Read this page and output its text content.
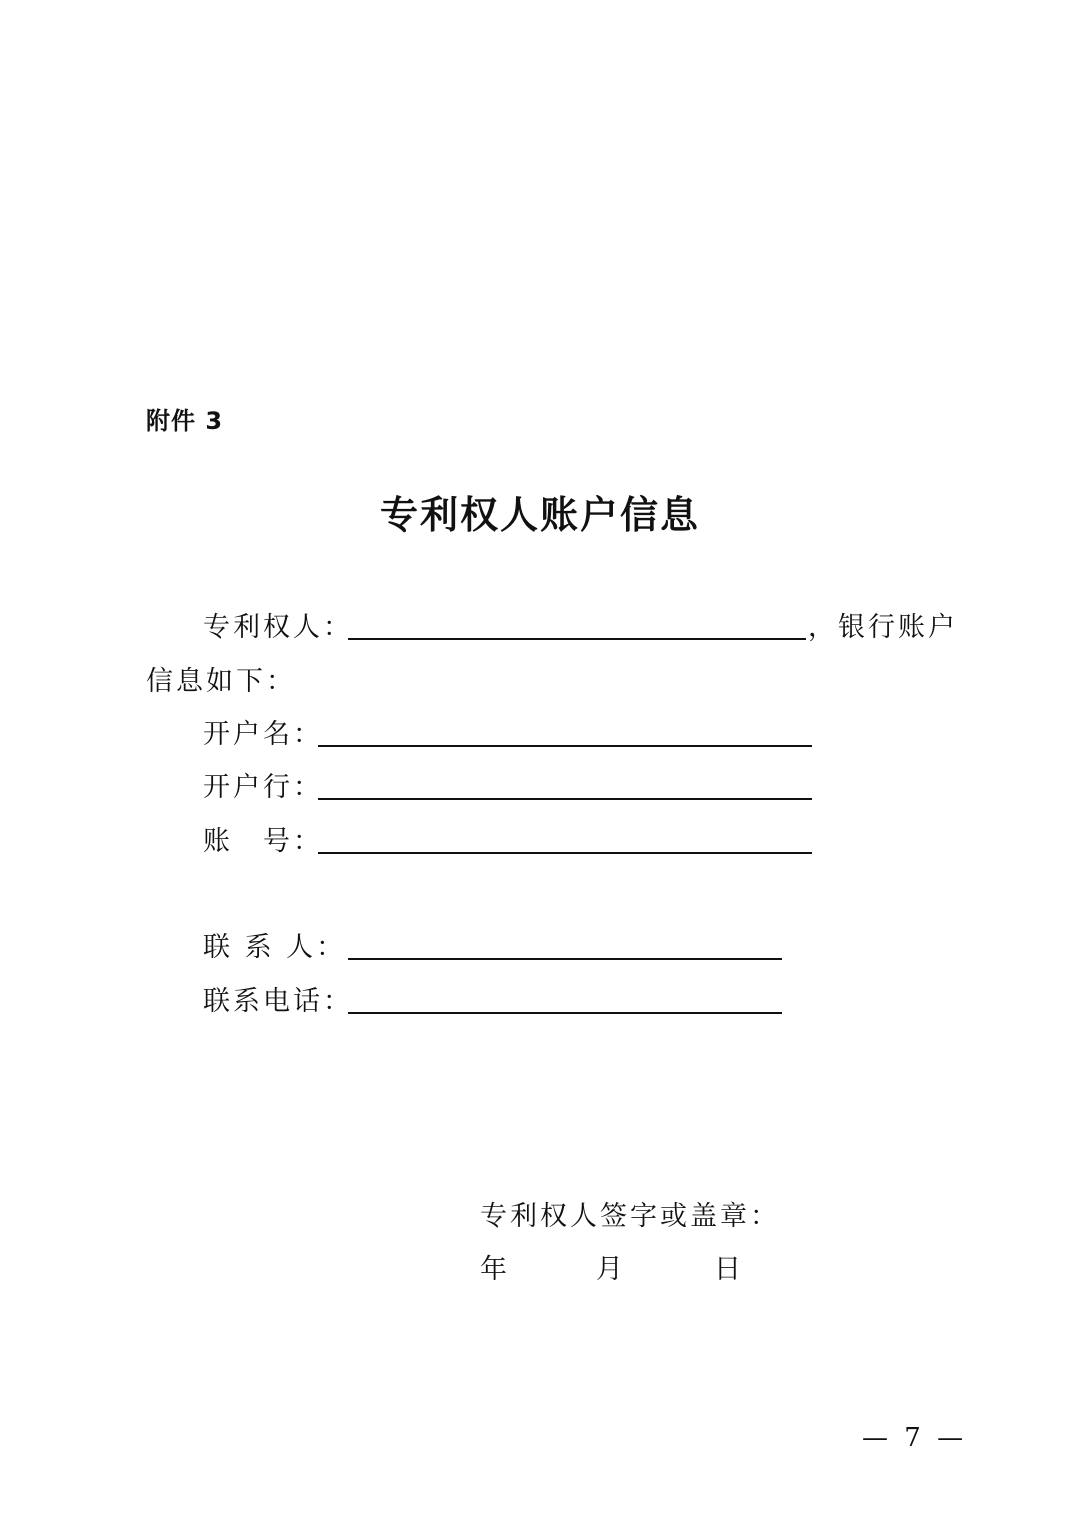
附件 3
专利权人账户信息
专利权人：	，银行账户
信息如下：
开户名：
开户行：
账　号：
联 系 人：
联系电话：
专利权人签字或盖章：
年	月	日
— 7 —
